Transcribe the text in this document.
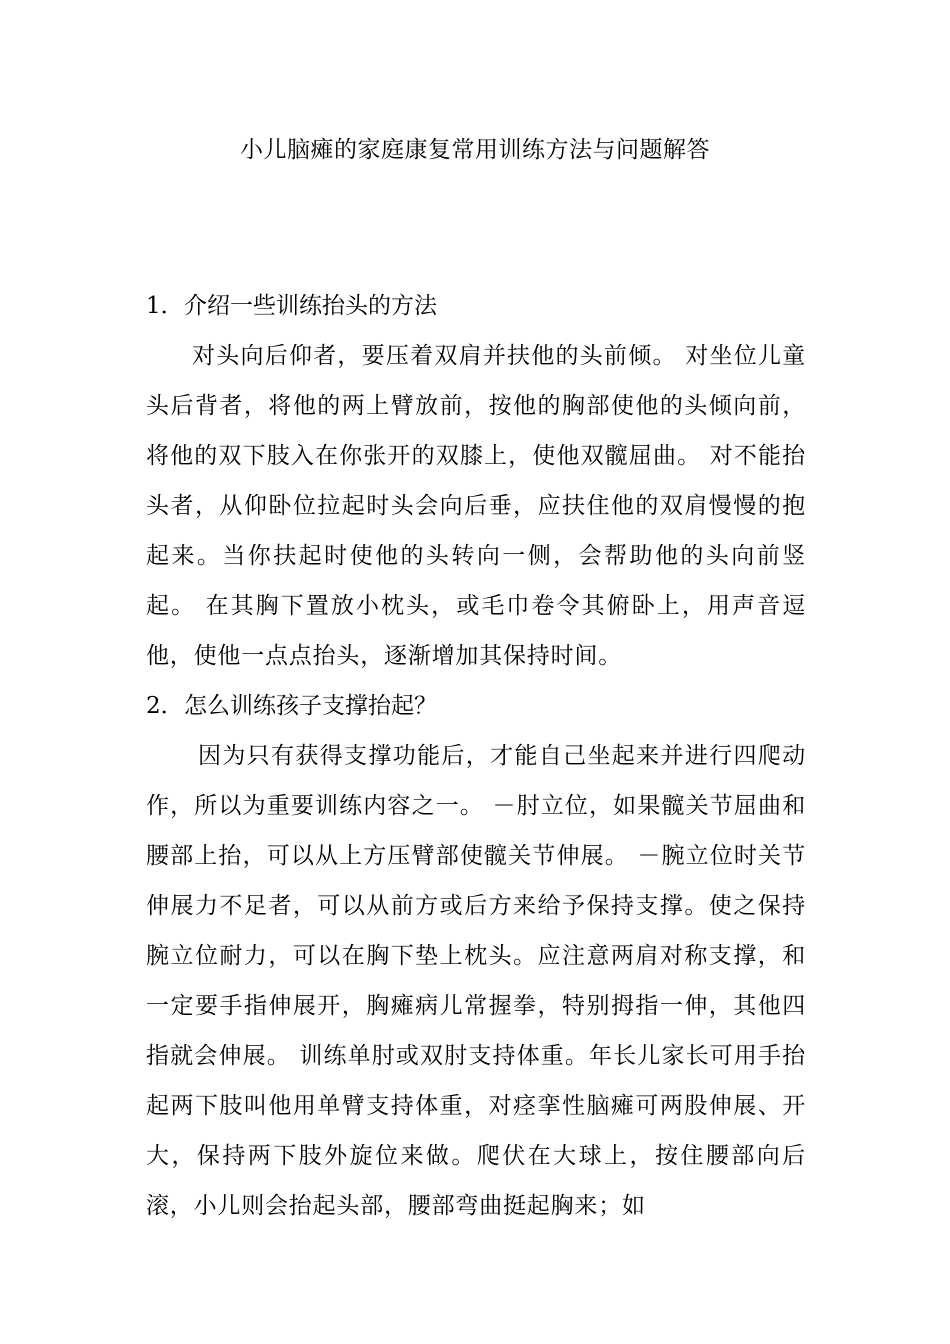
小儿脑瘫的家庭康复常用训练方法与问题解答

1．介绍一些训练抬头的方法

对头向后仰者，要压着双肩并扶他的头前倾。 对坐位儿童头后背者，将他的两上臂放前，按他的胸部使他的头倾向前，将他的双下肢入在你张开的双膝上，使他双髋屈曲。 对不能抬头者，从仰卧位拉起时头会向后垂，应扶住他的双肩慢慢的抱起来。当你扶起时使他的头转向一侧，会帮助他的头向前竖起。 在其胸下置放小枕头，或毛巾卷令其俯卧上，用声音逗他，使他一点点抬头，逐渐增加其保持时间。

2．怎么训练孩子支撑抬起？

因为只有获得支撑功能后，才能自己坐起来并进行四爬动作，所以为重要训练内容之一。 －肘立位，如果髋关节屈曲和腰部上抬，可以从上方压臂部使髋关节伸展。 －腕立位时关节伸展力不足者，可以从前方或后方来给予保持支撑。使之保持腕立位耐力，可以在胸下垫上枕头。应注意两肩对称支撑，和一定要手指伸展开，胸瘫病儿常握拳，特别拇指一伸，其他四指就会伸展。 训练单肘或双肘支持体重。年长儿家长可用手抬起两下肢叫他用单臂支持体重，对痉挛性脑瘫可两股伸展、开大，保持两下肢外旋位来做。爬伏在大球上，按住腰部向后滚，小儿则会抬起头部，腰部弯曲挺起胸来；如
